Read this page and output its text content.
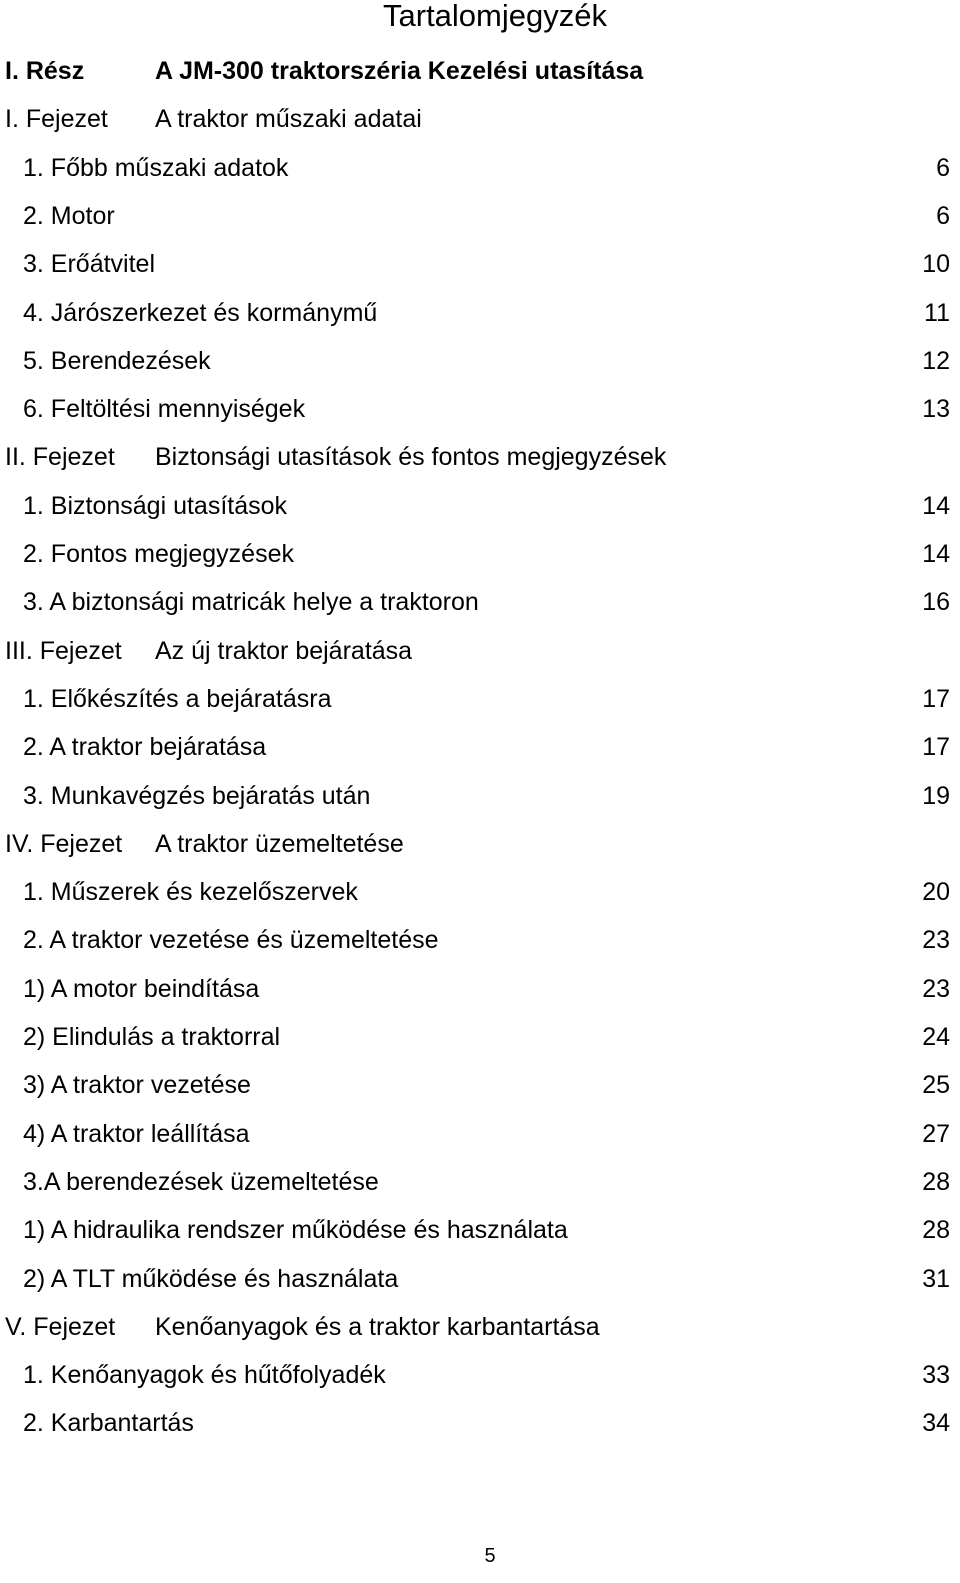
Tartalomjegyzék
I. Rész	A JM-300 traktorszéria Kezelési utasítása
I. Fejezet A traktor műszaki adatai
1. Főbb műszaki adatok	6
2. Motor	6
3. Erőátvitel	10
4. Járószerkezet és kormánymű	11
5. Berendezések	12
6. Feltöltési mennyiségek	13
II. Fejezet Biztonsági utasítások és fontos megjegyzések
1. Biztonsági utasítások	14
2. Fontos megjegyzések	14
3. A biztonsági matricák helye a traktoron	16
III. Fejezet Az új traktor bejáratása
1. Előkészítés a bejáratásra	17
2. A traktor bejáratása	17
3. Munkavégzés bejáratás után	19
IV. Fejezet A traktor üzemeltetése
1. Műszerek és kezelőszervek	20
2. A traktor vezetése és üzemeltetése	23
1) A motor beindítása	23
2) Elindulás a traktorral	24
3) A traktor vezetése	25
4) A traktor leállítása	27
3.A berendezések üzemeltetése	28
1) A hidraulika rendszer működése és használata	28
2) A TLT működése és használata	31
V. Fejezet Kenőanyagok és a traktor karbantartása
1. Kenőanyagok és hűtőfolyadék	33
2. Karbantartás	34
5
